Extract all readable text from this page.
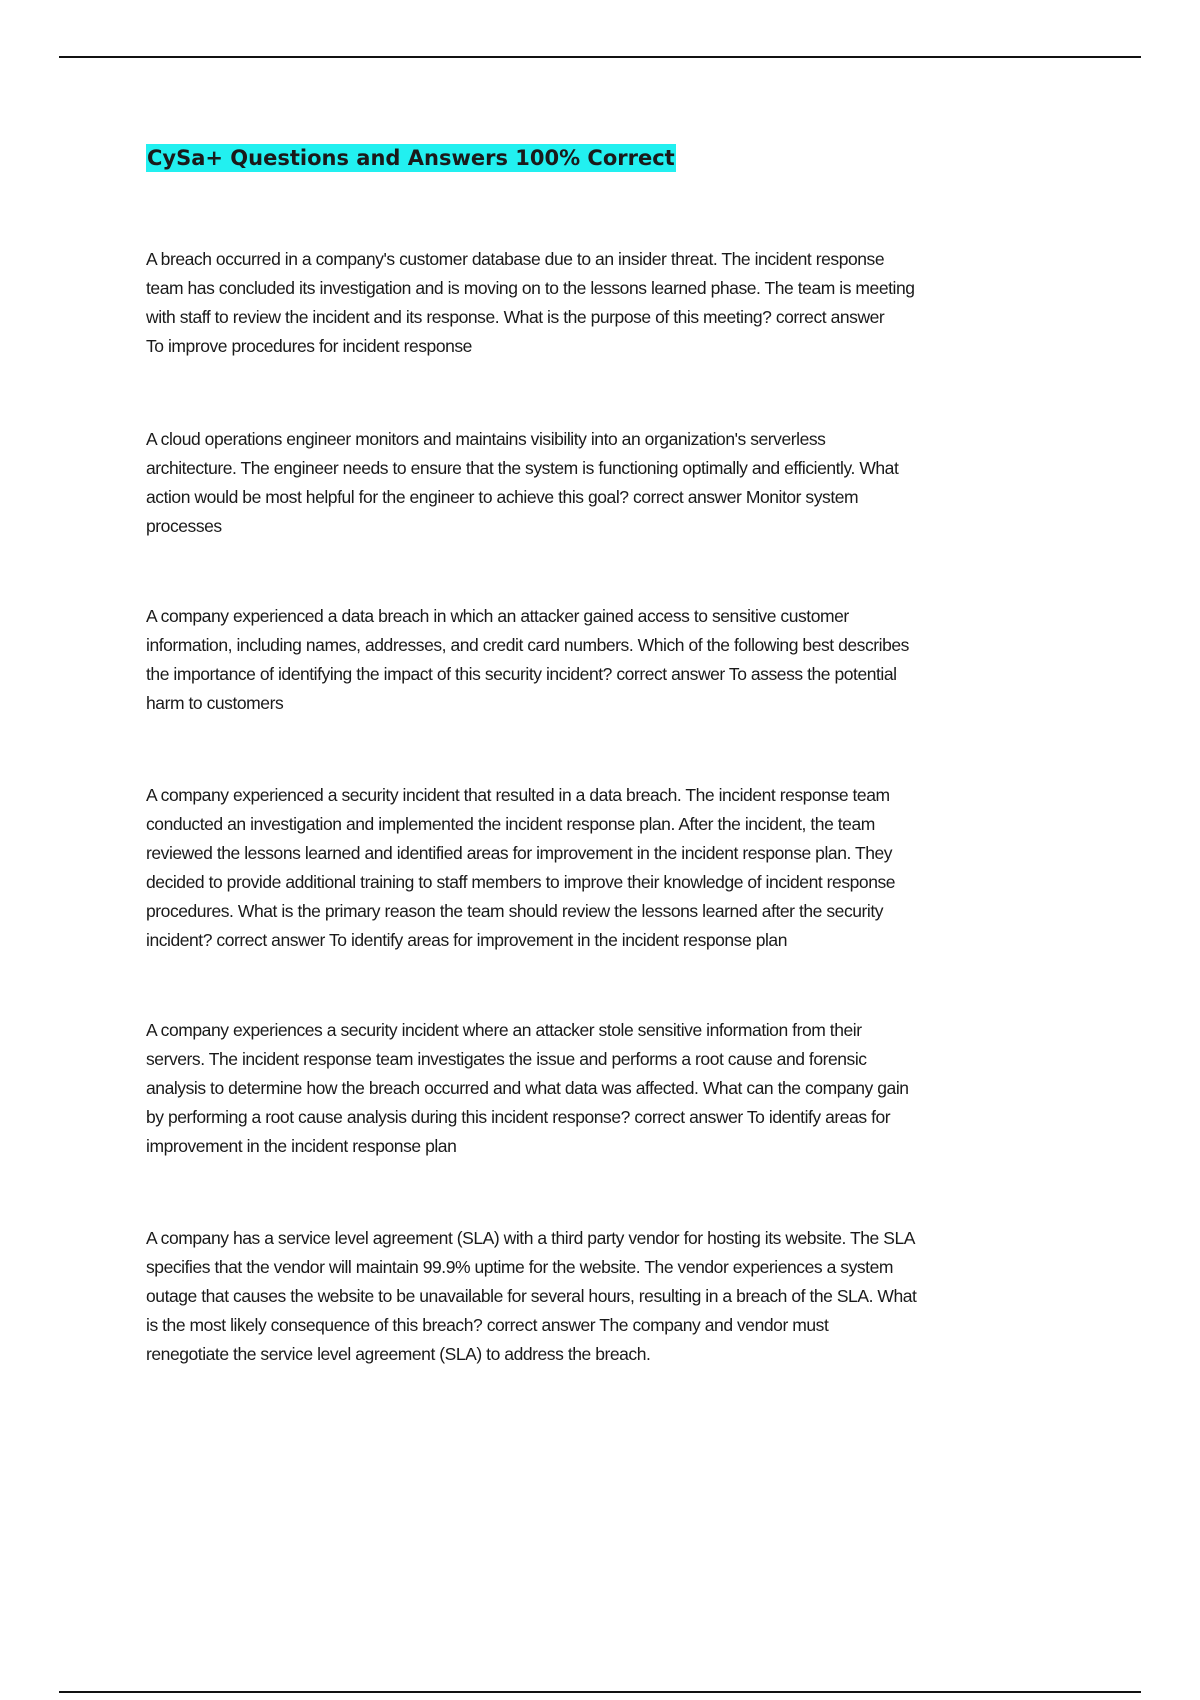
CySa+ Questions and Answers 100% Correct
A breach occurred in a company's customer database due to an insider threat. The incident response
team has concluded its investigation and is moving on to the lessons learned phase. The team is meeting
with staff to review the incident and its response. What is the purpose of this meeting? correct answer
To improve procedures for incident response
A cloud operations engineer monitors and maintains visibility into an organization's serverless
architecture. The engineer needs to ensure that the system is functioning optimally and efficiently. What
action would be most helpful for the engineer to achieve this goal? correct answer Monitor system
processes
A company experienced a data breach in which an attacker gained access to sensitive customer
information, including names, addresses, and credit card numbers. Which of the following best describes
the importance of identifying the impact of this security incident? correct answer To assess the potential
harm to customers
A company experienced a security incident that resulted in a data breach. The incident response team
conducted an investigation and implemented the incident response plan. After the incident, the team
reviewed the lessons learned and identified areas for improvement in the incident response plan. They
decided to provide additional training to staff members to improve their knowledge of incident response
procedures. What is the primary reason the team should review the lessons learned after the security
incident? correct answer To identify areas for improvement in the incident response plan
A company experiences a security incident where an attacker stole sensitive information from their
servers. The incident response team investigates the issue and performs a root cause and forensic
analysis to determine how the breach occurred and what data was affected. What can the company gain
by performing a root cause analysis during this incident response? correct answer To identify areas for
improvement in the incident response plan
A company has a service level agreement (SLA) with a third party vendor for hosting its website. The SLA
specifies that the vendor will maintain 99.9% uptime for the website. The vendor experiences a system
outage that causes the website to be unavailable for several hours, resulting in a breach of the SLA. What
is the most likely consequence of this breach? correct answer The company and vendor must
renegotiate the service level agreement (SLA) to address the breach.
